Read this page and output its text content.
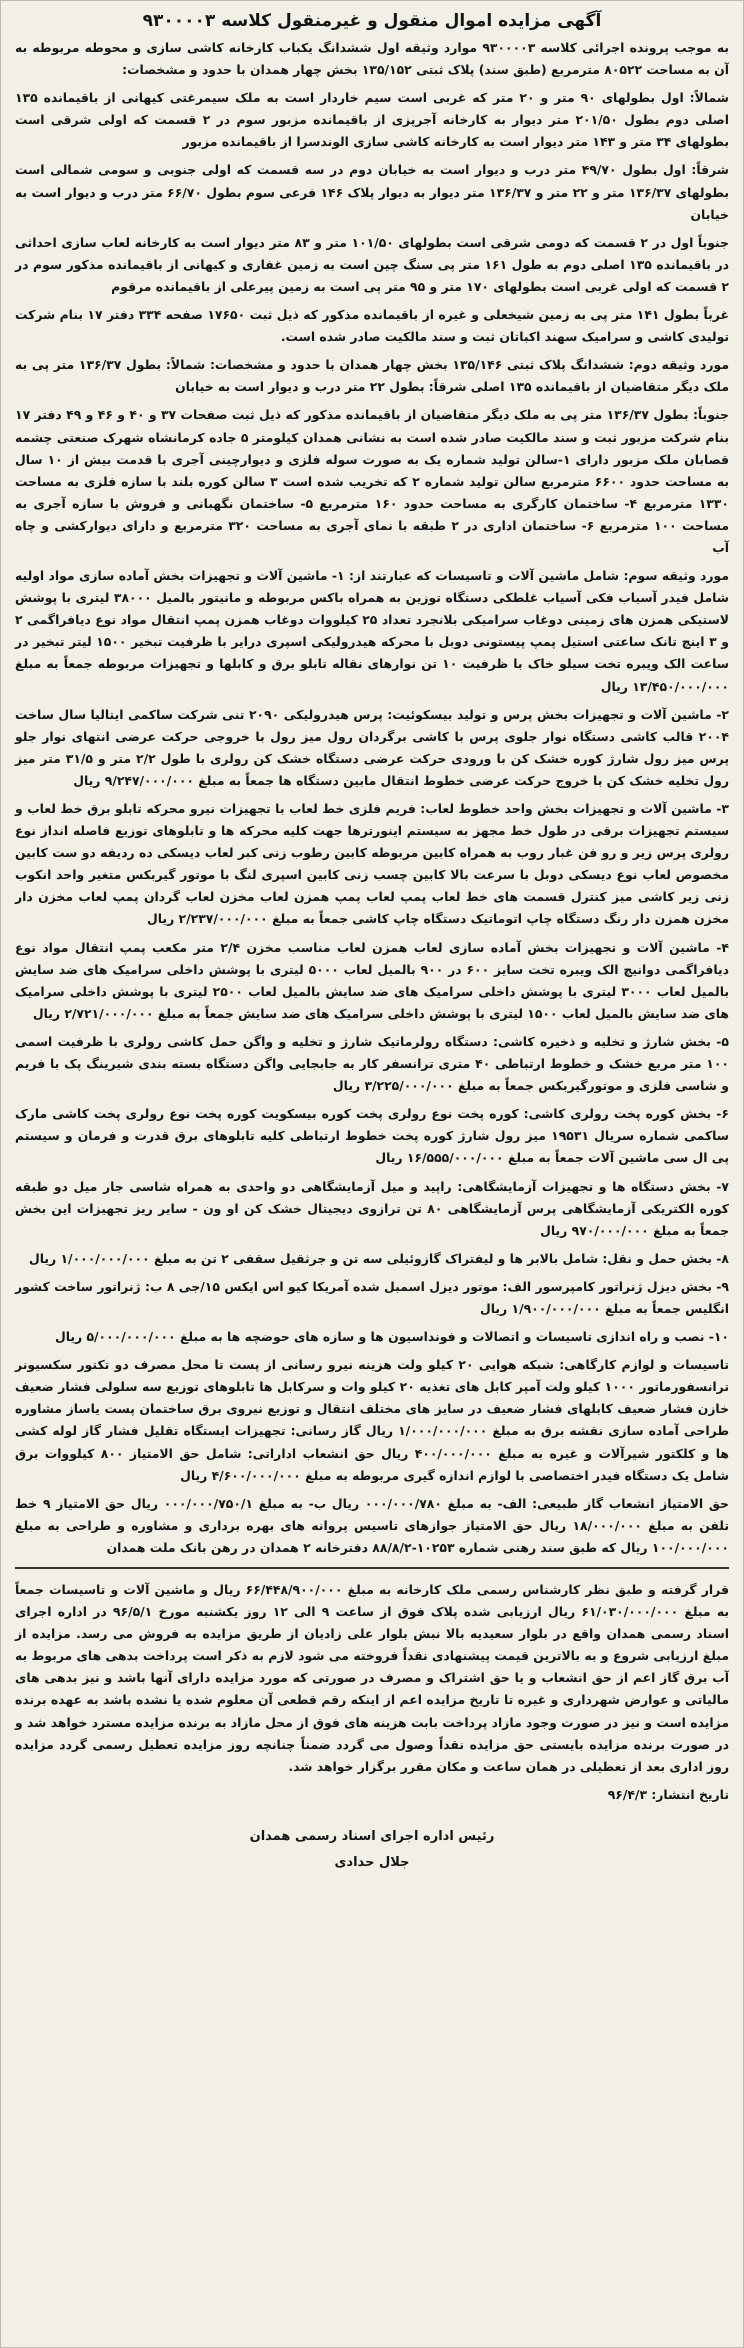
آگهی مزایده اموال منقول و غیرمنقول کلاسه ۹۳۰۰۰۰۳

به موجب پرونده اجرائی کلاسه ۹۳۰۰۰۰۳ موارد وثیقه اول ششدانگ یکباب کارخانه کاشی سازی و محوطه مربوطه به آن به مساحت ۸۰۵۲۲ مترمربع (طبق سند) پلاک ثبتی ۱۳۵/۱۵۲ بخش چهار همدان با حدود و مشخصات:

شمالاً: اول بطولهای ۹۰ متر و ۲۰ متر که غربی است سیم خاردار است به ملک سیمرغتی کیهانی از باقیمانده ۱۳۵ اصلی دوم بطول ۲۰۱/۵۰ متر دیوار به کارخانه آجرپزی از باقیمانده مزبور سوم در ۲ قسمت که اولی شرقی است بطولهای ۳۴ متر و ۱۴۳ متر دیوار است به کارخانه کاشی سازی الوندسرا از باقیمانده مزبور

شرقاً: اول بطول ۴۹/۷۰ متر درب و دیوار است به خیابان دوم در سه قسمت که اولی جنوبی و سومی شمالی است بطولهای ۱۳۶/۳۷ متر و ۲۲ متر و ۱۳۶/۳۷ متر دیوار به دیوار پلاک ۱۴۶ فرعی سوم بطول ۶۶/۷۰ متر درب و دیوار است به خیابان

جنوباً اول در ۲ قسمت که دومی شرقی است بطولهای ۱۰۱/۵۰ متر و ۸۳ متر دیوار است به کارخانه لعاب سازی احداثی در باقیمانده ۱۳۵ اصلی دوم به طول ۱۶۱ متر پی سنگ چین است به زمین غفاری و کیهانی از باقیمانده مذکور سوم در ۲ قسمت که اولی غربی است بطولهای ۱۷۰ متر و ۹۵ متر پی است به زمین پیرعلی از باقیمانده مرقوم

غرباً بطول ۱۴۱ متر پی به زمین شیخعلی و غیره از باقیمانده مذکور که ذیل ثبت ۱۷۶۵۰ صفحه ۳۳۴ دفتر ۱۷ بنام شرکت تولیدی کاشی و سرامیک سهند اکباتان ثبت و سند مالکیت صادر شده است.

مورد وثیقه دوم: ششدانگ پلاک ثبتی ۱۳۵/۱۴۶ بخش چهار همدان با حدود و مشخصات: شمالاً: بطول ۱۳۶/۳۷ متر پی به ملک دیگر متقاضیان از باقیمانده ۱۳۵ اصلی شرقاً: بطول ۲۲ متر درب و دیوار است به خیابان

جنوباً: بطول ۱۳۶/۳۷ متر پی به ملک دیگر متقاضیان از باقیمانده مذکور که ذیل ثبت صفحات ۳۷ و ۴۰ و ۴۶ و ۴۹ دفتر ۱۷ بنام شرکت مزبور ثبت و سند مالکیت صادر شده است به نشانی همدان کیلومتر ۵ جاده کرمانشاه شهرک صنعتی چشمه قصابان ملک مزبور دارای ۱-سالن تولید شماره یک به صورت سوله فلزی و دیوارچینی آجری با قدمت بیش از ۱۰ سال به مساحت حدود ۶۶۰۰ مترمربع سالن تولید شماره ۲ که تخریب شده است ۳ سالن کوره بلند با سازه فلزی به مساحت ۱۳۳۰ مترمربع ۴- ساختمان کارگری به مساحت حدود ۱۶۰ مترمربع ۵- ساختمان نگهبانی و فروش با سازه آجری به مساحت ۱۰۰ مترمربع ۶- ساختمان اداری در ۲ طبقه با نمای آجری به مساحت ۳۲۰ مترمربع و دارای دیوارکشی و چاه آب

مورد وثیقه سوم: شامل ماشین آلات و تاسیسات که عبارتند از: ۱- ماشین آلات و تجهیزات بخش آماده سازی مواد اولیه شامل فیدر آسیاب فکی آسیاب غلطکی دستگاه توزین به همراه باکس مربوطه و مانیتور بالمیل ۳۸۰۰۰ لیتری با پوشش لاستیکی همزن های زمینی دوغاب سرامیکی بلانجرد تعداد ۲۵ کیلووات دوغاب همزن پمپ انتقال مواد نوع دیافراگمی ۲ و ۳ اینچ تانک ساعتی استیل پمپ پیستونی دوبل با محرکه هیدرولیکی اسپری درایر با ظرفیت تبخیر ۱۵۰۰ لیتر تبخیر در ساعت الک ویبره تخت سیلو خاک با ظرفیت ۱۰ تن نوارهای نقاله تابلو برق و کابلها و تجهیزات مربوطه جمعاً به مبلغ ۱۳/۴۵۰/۰۰۰/۰۰۰ ریال

۲- ماشین آلات و تجهیزات بخش پرس و تولید بیسکوئیت: پرس هیدرولیکی ۲۰۹۰ تنی شرکت ساکمی ایتالیا سال ساخت ۲۰۰۴ قالب کاشی دستگاه نوار جلوی پرس با کاشی برگردان رول میز رول با خروجی حرکت عرضی انتهای نوار جلو پرس میز رول شارژ کوره خشک کن با ورودی حرکت عرضی دستگاه خشک کن رولری با طول ۲/۲ متر و ۳۱/۵ متر میز رول تخلیه خشک کن با خروج حرکت عرضی خطوط انتقال مابین دستگاه ها جمعاً به مبلغ ۹/۲۴۷/۰۰۰/۰۰۰ ریال

۳- ماشین آلات و تجهیزات بخش واحد خطوط لعاب: فریم فلزی خط لعاب با تجهیزات نیرو محرکه تابلو برق خط لعاب و سیستم تجهیزات برقی در طول خط مجهز به سیستم اینورترها جهت کلیه محرکه ها و تابلوهای توزیع فاصله انداز نوع رولری پرس زیر و رو فن غبار روب به همراه کابین مربوطه کابین رطوب زنی کبر لعاب دیسکی ده ردیفه دو ست کابین مخصوص لعاب نوع دیسکی دوبل با سرعت بالا کابین چسب زنی کابین اسپری لنگ با موتور گیربکس متغیر واحد انکوب زنی زیر کاشی میز کنترل قسمت های خط لعاب پمپ لعاب پمپ همزن لعاب مخزن لعاب گردان پمپ لعاب مخزن دار مخزن همزن دار رنگ دستگاه چاپ اتوماتیک دستگاه چاپ کاشی جمعاً به مبلغ ۲/۲۳۷/۰۰۰/۰۰۰ ریال

۴- ماشین آلات و تجهیزات بخش آماده سازی لعاب همزن لعاب مناسب مخزن ۲/۴ متر مکعب پمپ انتقال مواد نوع دیافراگمی دوانیچ الک ویبره تخت سایز ۶۰۰ در ۹۰۰ بالمیل لعاب ۵۰۰۰ لیتری با پوشش داخلی سرامیک های ضد سایش بالمیل لعاب ۳۰۰۰ لیتری با پوشش داخلی سرامیک های ضد سایش بالمیل لعاب ۲۵۰۰ لیتری با پوشش داخلی سرامیک های ضد سایش بالمیل لعاب ۱۵۰۰ لیتری با پوشش داخلی سرامیک های ضد سایش جمعاً به مبلغ ۲/۷۲۱/۰۰۰/۰۰۰ ریال

۵- بخش شارژ و تخلیه و ذخیره کاشی: دستگاه رولرماتیک شارژ و تخلیه و واگن حمل کاشی رولری با ظرفیت اسمی ۱۰۰ متر مربع خشک و خطوط ارتباطی ۴۰ متری ترانسفر کار به جابجایی واگن دستگاه بسته بندی شیرینگ پک با فریم و شاسی فلزی و موتورگیربکس جمعاً به مبلغ ۳/۲۲۵/۰۰۰/۰۰۰ ریال

۶- بخش کوره پخت رولری کاشی: کوره پخت نوع رولری پخت کوره بیسکویت کوره پخت نوع رولری پخت کاشی مارک ساکمی شماره سریال ۱۹۵۳۱ میز رول شارژ کوره پخت خطوط ارتباطی کلیه تابلوهای برق قدرت و فرمان و سیستم پی ال سی ماشین آلات جمعاً به مبلغ ۱۶/۵۵۵/۰۰۰/۰۰۰ ریال

۷- بخش دستگاه ها و تجهیزات آزمایشگاهی: راپید و میل آزمایشگاهی دو واحدی به همراه شاسی جار میل دو طبقه کوره الکتریکی آزمایشگاهی پرس آزمایشگاهی ۸۰ تن ترازوی دیجیتال خشک کن او ون - سایر ریز تجهیزات این بخش جمعاً به مبلغ ۹۷۰/۰۰۰/۰۰۰ ریال

۸- بخش حمل و نقل: شامل بالابر ها و لیفتراک گازوئیلی سه تن و جرثقیل سقفی ۲ تن به مبلغ ۱/۰۰۰/۰۰۰/۰۰۰ ریال

۹- بخش دیزل ژنراتور کامپرسور الف: موتور دیزل اسمبل شده آمریکا کیو اس ایکس ۱۵/جی ۸ ب: ژنراتور ساخت کشور انگلیس جمعاً به مبلغ ۱/۹۰۰/۰۰۰/۰۰۰ ریال

۱۰- نصب و راه اندازی تاسیسات و اتصالات و فونداسیون ها و سازه های حوضچه ها به مبلغ ۵/۰۰۰/۰۰۰/۰۰۰ ریال

تاسیسات و لوازم کارگاهی: شبکه هوایی ۲۰ کیلو ولت هزینه نیرو رسانی از پست تا محل مصرف دو تکتور سکسیونر ترانسفورماتور ۱۰۰۰ کیلو ولت آمپر کابل های تغذیه ۲۰ کیلو وات و سرکابل ها تابلوهای توزیع سه سلولی فشار ضعیف خازن فشار ضعیف کابلهای فشار ضعیف در سایز های مختلف انتقال و توزیع نیروی برق ساختمان پست یاساز مشاوره طراحی آماده سازی نقشه برق به مبلغ ۱/۰۰۰/۰۰۰/۰۰۰ ریال گاز رسانی: تجهیزات ایستگاه تقلیل فشار گاز لوله کشی ها و کلکتور شیرآلات و غیره به مبلغ ۴۰۰/۰۰۰/۰۰۰ ریال حق انشعاب اداراتی: شامل حق الامتیاز ۸۰۰ کیلووات برق شامل یک دستگاه فیدر اختصاصی با لوازم اندازه گیری مربوطه به مبلغ ۴/۶۰۰/۰۰۰/۰۰۰ ریال

حق الامتیاز انشعاب گاز طبیعی: الف- به مبلغ ۰۰۰/۰۰۰/۷۸۰ ریال ب- به مبلغ ۰۰۰/۰۰۰/۷۵۰/۱ ریال حق الامتیاز ۹ خط تلفن به مبلغ ۱۸/۰۰۰/۰۰۰ ریال حق الامتیاز جوازهای تاسیس پروانه های بهره برداری و مشاوره و طراحی به مبلغ ۱۰۰/۰۰۰/۰۰۰ ریال که طبق سند رهنی شماره ۱۰۲۵۳-۸۸/۸/۲ دفترخانه ۲ همدان در رهن بانک ملت همدان

قرار گرفته و طبق نظر کارشناس رسمی ملک کارخانه به مبلغ ۶۶/۴۴۸/۹۰۰/۰۰۰ ریال و ماشین آلات و تاسیسات جمعاً به مبلغ ۶۱/۰۳۰/۰۰۰/۰۰۰ ریال ارزیابی شده پلاک فوق از ساعت ۹ الی ۱۲ روز یکشنبه مورخ ۹۶/۵/۱ در اداره اجرای اسناد رسمی همدان واقع در بلوار سعیدیه بالا نبش بلوار علی زادیان از طریق مزایده به فروش می رسد. مزایده از مبلغ ارزیابی شروع و به بالاترین قیمت پیشنهادی نقداً فروخته می شود لازم به ذکر است پرداخت بدهی های مربوط به آب برق گاز اعم از حق انشعاب و یا حق اشتراک و مصرف در صورتی که مورد مزایده دارای آنها باشد و نیز بدهی های مالیاتی و عوارض شهرداری و غیره تا تاریخ مزایده اعم از اینکه رقم قطعی آن معلوم شده یا نشده باشد به عهده برنده مزایده است و نیز در صورت وجود مازاد پرداخت بابت هزینه های فوق از محل مازاد به برنده مزایده مسترد خواهد شد و در صورت برنده مزایده بایستی حق مزایده نقداً وصول می گردد ضمناً چنانچه روز مزایده تعطیل رسمی گردد مزایده روز اداری بعد از تعطیلی در همان ساعت و مکان مقرر برگزار خواهد شد.

تاریخ انتشار: ۹۶/۴/۳

رئیس اداره اجرای اسناد رسمی همدان
جلال حدادی
